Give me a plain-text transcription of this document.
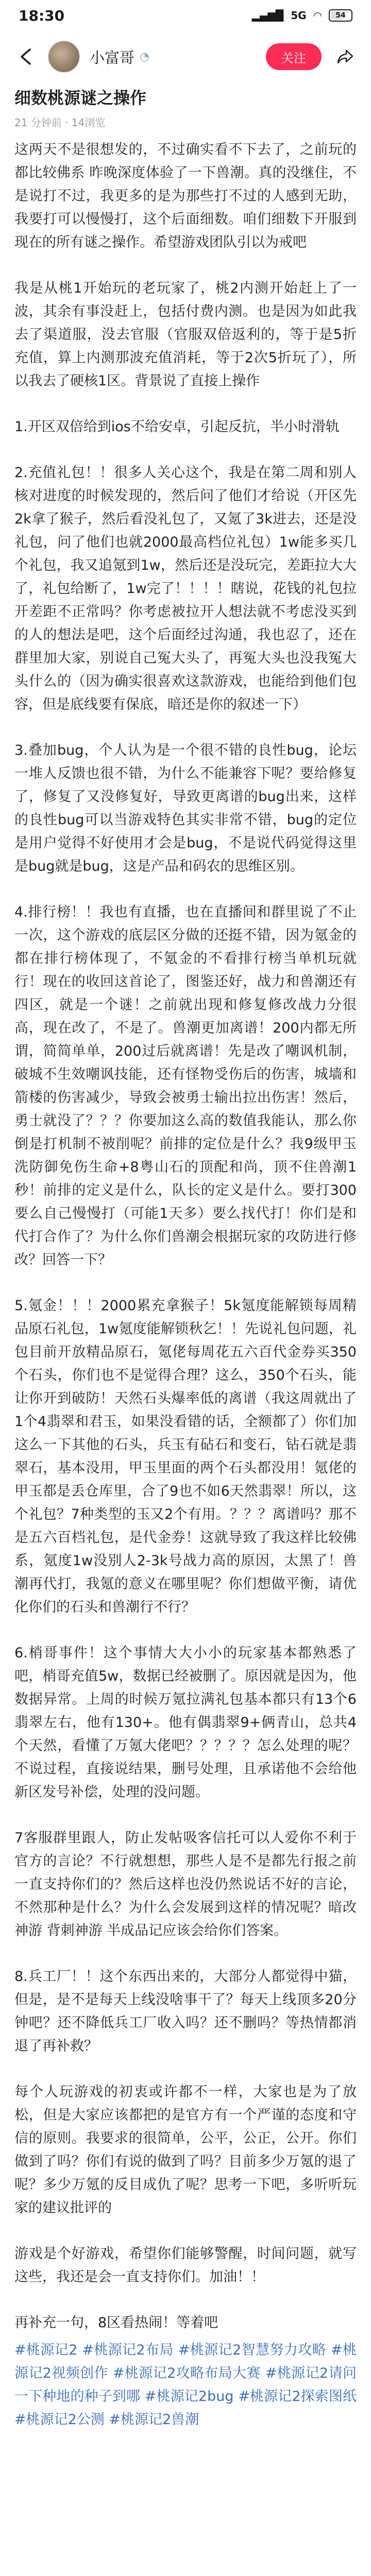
18:30	▂▄▆█ 5G ◠ 54
小富哥 ◔	关注
细数桃源谜之操作
21 分钟前 · 14浏览

这两天不是很想发的，不过确实看不下去了，之前玩的都比较佛系 昨晚深度体验了一下兽潮。真的没继住，不是说打不过，我更多的是为那些打不过的人感到无助，我要打可以慢慢打，这个后面细数。咱们细数下开服到现在的所有谜之操作。希望游戏团队引以为戒吧

我是从桃1开始玩的老玩家了，桃2内测开始赶上了一波，其余有事没赶上，包括付费内测。也是因为如此我去了渠道服，没去官服（官服双倍返利的，等于是5折充值，算上内测那波充值消耗，等于2次5折玩了），所以我去了硬核1区。背景说了直接上操作

1.开区双倍给到ios不给安卓，引起反抗，半小时滑轨

2.充值礼包！！很多人关心这个，我是在第二周和别人核对进度的时候发现的，然后问了他们才给说（开区先2k拿了猴子，然后看没礼包了，又氪了3k进去，还是没礼包，问了他们也就2000最高档位礼包）1w能多买几个礼包，我又追氪到1w，然后还是没玩完，差距拉大大了，礼包给断了，1w完了！！！！瞎说，花钱的礼包拉开差距不正常吗？你考虑被拉开人想法就不考虑没买到的人的想法是吧，这个后面经过沟通，我也忍了，还在群里加大家，别说自己冤大头了，再冤大头也没我冤大头什么的（因为确实很喜欢这款游戏，也能给到他们包容，但是底线要有保底，暗还是你的叙述一下）

3.叠加bug，个人认为是一个很不错的良性bug，论坛一堆人反馈也很不错，为什么不能兼容下呢？要给修复了，修复了又没修复好，导致更离谱的bug出来，这样的良性bug可以当游戏特色其实非常不错，bug的定位是用户觉得不好使用才会是bug，不是说代码觉得这里是bug就是bug，这是产品和码农的思维区别。

4.排行榜！！我也有直播，也在直播间和群里说了不止一次，这个游戏的底层区分做的还挺不错，因为氪金的都在排行榜体现了，不氪金的不看排行榜当单机玩就行！现在的收回这首论了，图鉴还好，战力和兽潮还有四区，就是一个谜！之前就出现和修复修改战力分很高，现在改了，不是了。兽潮更加离谱！200内都无所谓，简简单单，200过后就离谱！先是改了嘲讽机制，破城不生效嘲讽技能，还有怪物受伤后的伤害，城墙和箭楼的伤害减少，导致会被勇士输出拉出伤害！然后，勇士就没了？？？你要加这么高的数值我能认，那么你倒是打机制不被削呢？前排的定位是什么？我9级甲玉洗防御免伤生命+8粤山石的顶配和尚，顶不住兽潮1秒！前排的定义是什么，队长的定义是什么。要打300要么自己慢慢打（可能1天多）要么找代打！你们是和代打合作了？为什么你们兽潮会根据玩家的攻防进行修改？回答一下？

5.氪金！！！2000累充拿猴子！5k氪度能解锁每周精品原石礼包，1w氪度能解锁秋乞！！先说礼包问题，礼包目前开放精品原石，氪佬每周花五六百代金券买350个石头，你们也不是觉得合理？这么，350个石头，能让你开到破防！天然石头爆率低的离谱（我这周就出了1个4翡翠和君玉，如果没看错的话，全额都了）你们加这么一下其他的石头，兵玉有砧石和变石，钻石就是翡翠石，基本没用，甲玉里面的两个石头都没用！氪佬的甲玉都是丢仓库里，合了9也不如6天然翡翠！所以，这个礼包？7种类型的玉又2个有用。？？？离谱吗？那不是五六百档礼包，是代金券！这就导致了我这样比较佛系，氪度1w没别人2-3k号战力高的原因，太黑了！兽潮再代打，我氪的意义在哪里呢？你们想做平衡，请优化你们的石头和兽潮行不行？

6.梢哥事件！这个事情大大小小的玩家基本都熟悉了吧，梢哥充值5w，数据已经被删了。原因就是因为，他数据异常。上周的时候万氪拉满礼包基本都只有13个6翡翠左右，他有130+。他有偶翡翠9+俩青山，总共4个天然，看懂了万氪大佬吧？？？？？怎么处理的呢？不说过程，直接说结果，删号处理，且承诺他不会给他新区发号补偿，处理的没问题。

7客服群里跟人，防止发帖吸客信托可以人爱你不利于官方的言论？不行就想想，那些人是不是都先行报之前一直支持你们的？然后这样也没仍然说话不好的言论，不然那种是什么？为什么会发展到这样的情况呢？暗改神游 背刺神游 半成品记应该会给你们答案。

8.兵工厂！！这个东西出来的，大部分人都觉得中猫，但是，是不是每天上线没啥事干了？每天上线顶多20分钟吧？还不降低兵工厂收入吗？还不删吗？等热情都消退了再补救？

每个人玩游戏的初衷或许都不一样，大家也是为了放松，但是大家应该都把的是官方有一个严谨的态度和守信的原则。我要求的很简单，公平，公正，公开。你们做到了吗？你们有说的做到了吗？目前多少万氪的退了呢？多少万氪的反目成仇了呢？思考一下吧，多听听玩家的建议批评的

游戏是个好游戏，希望你们能够警醒，时间问题，就写这些，我还是会一直支持你们。加油！！

再补充一句，8区看热闹！等着吧

#桃源记2 #桃源记2布局 #桃源记2智慧努力攻略 #桃源记2视频创作 #桃源记2攻略布局大赛 #桃源记2请问一下种地的种子到哪 #桃源记2bug #桃源记2探索图纸 #桃源记2公测 #桃源记2兽潮
